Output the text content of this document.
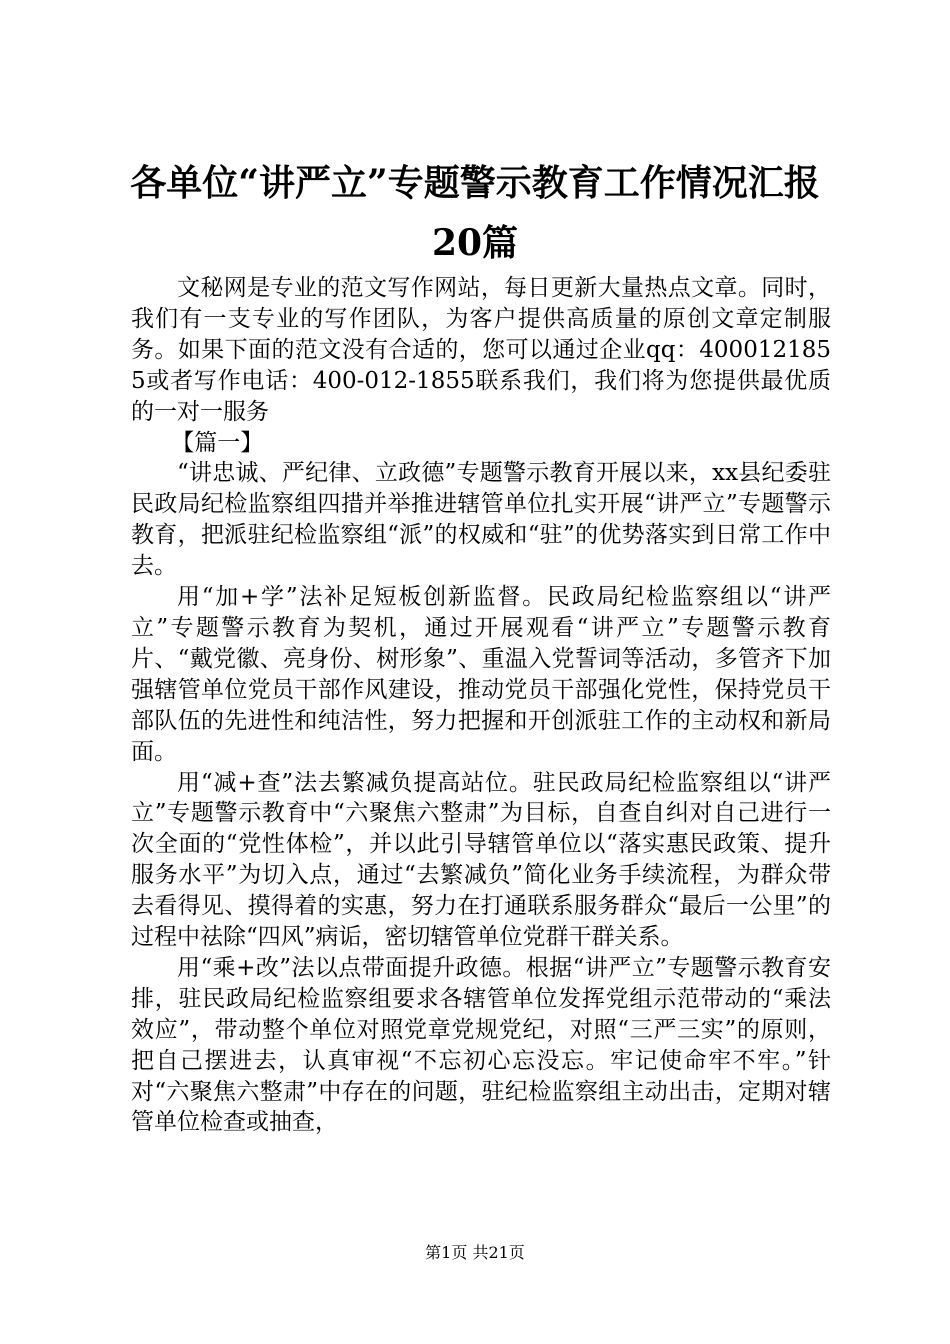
各单位“讲严立”专题警示教育工作情况汇报
20篇

文秘网是专业的范文写作网站，每日更新大量热点文章。同时，我们有一支专业的写作团队，为客户提供高质量的原创文章定制服务。如果下面的范文没有合适的，您可以通过企业qq：4000121855或者写作电话：400-012-1855联系我们，我们将为您提供最优质的一对一服务

【篇一】

“讲忠诚、严纪律、立政德”专题警示教育开展以来，xx县纪委驻民政局纪检监察组四措并举推进辖管单位扎实开展“讲严立”专题警示教育，把派驻纪检监察组“派”的权威和“驻”的优势落实到日常工作中去。

用“加+学”法补足短板创新监督。民政局纪检监察组以“讲严立”专题警示教育为契机，通过开展观看“讲严立”专题警示教育片、“戴党徽、亮身份、树形象”、重温入党誓词等活动，多管齐下加强辖管单位党员干部作风建设，推动党员干部强化党性，保持党员干部队伍的先进性和纯洁性，努力把握和开创派驻工作的主动权和新局面。

用“减+查”法去繁减负提高站位。驻民政局纪检监察组以“讲严立”专题警示教育中“六聚焦六整肃”为目标，自查自纠对自己进行一次全面的“党性体检”，并以此引导辖管单位以“落实惠民政策、提升服务水平”为切入点，通过“去繁减负”简化业务手续流程，为群众带去看得见、摸得着的实惠，努力在打通联系服务群众“最后一公里”的过程中祛除“四风”病诟，密切辖管单位党群干群关系。

用“乘+改”法以点带面提升政德。根据“讲严立”专题警示教育安排，驻民政局纪检监察组要求各辖管单位发挥党组示范带动的“乘法效应”，带动整个单位对照党章党规党纪，对照“三严三实”的原则，把自己摆进去，认真审视“不忘初心忘没忘。牢记使命牢不牢。”针对“六聚焦六整肃”中存在的问题，驻纪检监察组主动出击，定期对辖管单位检查或抽查，

第1页 共21页
